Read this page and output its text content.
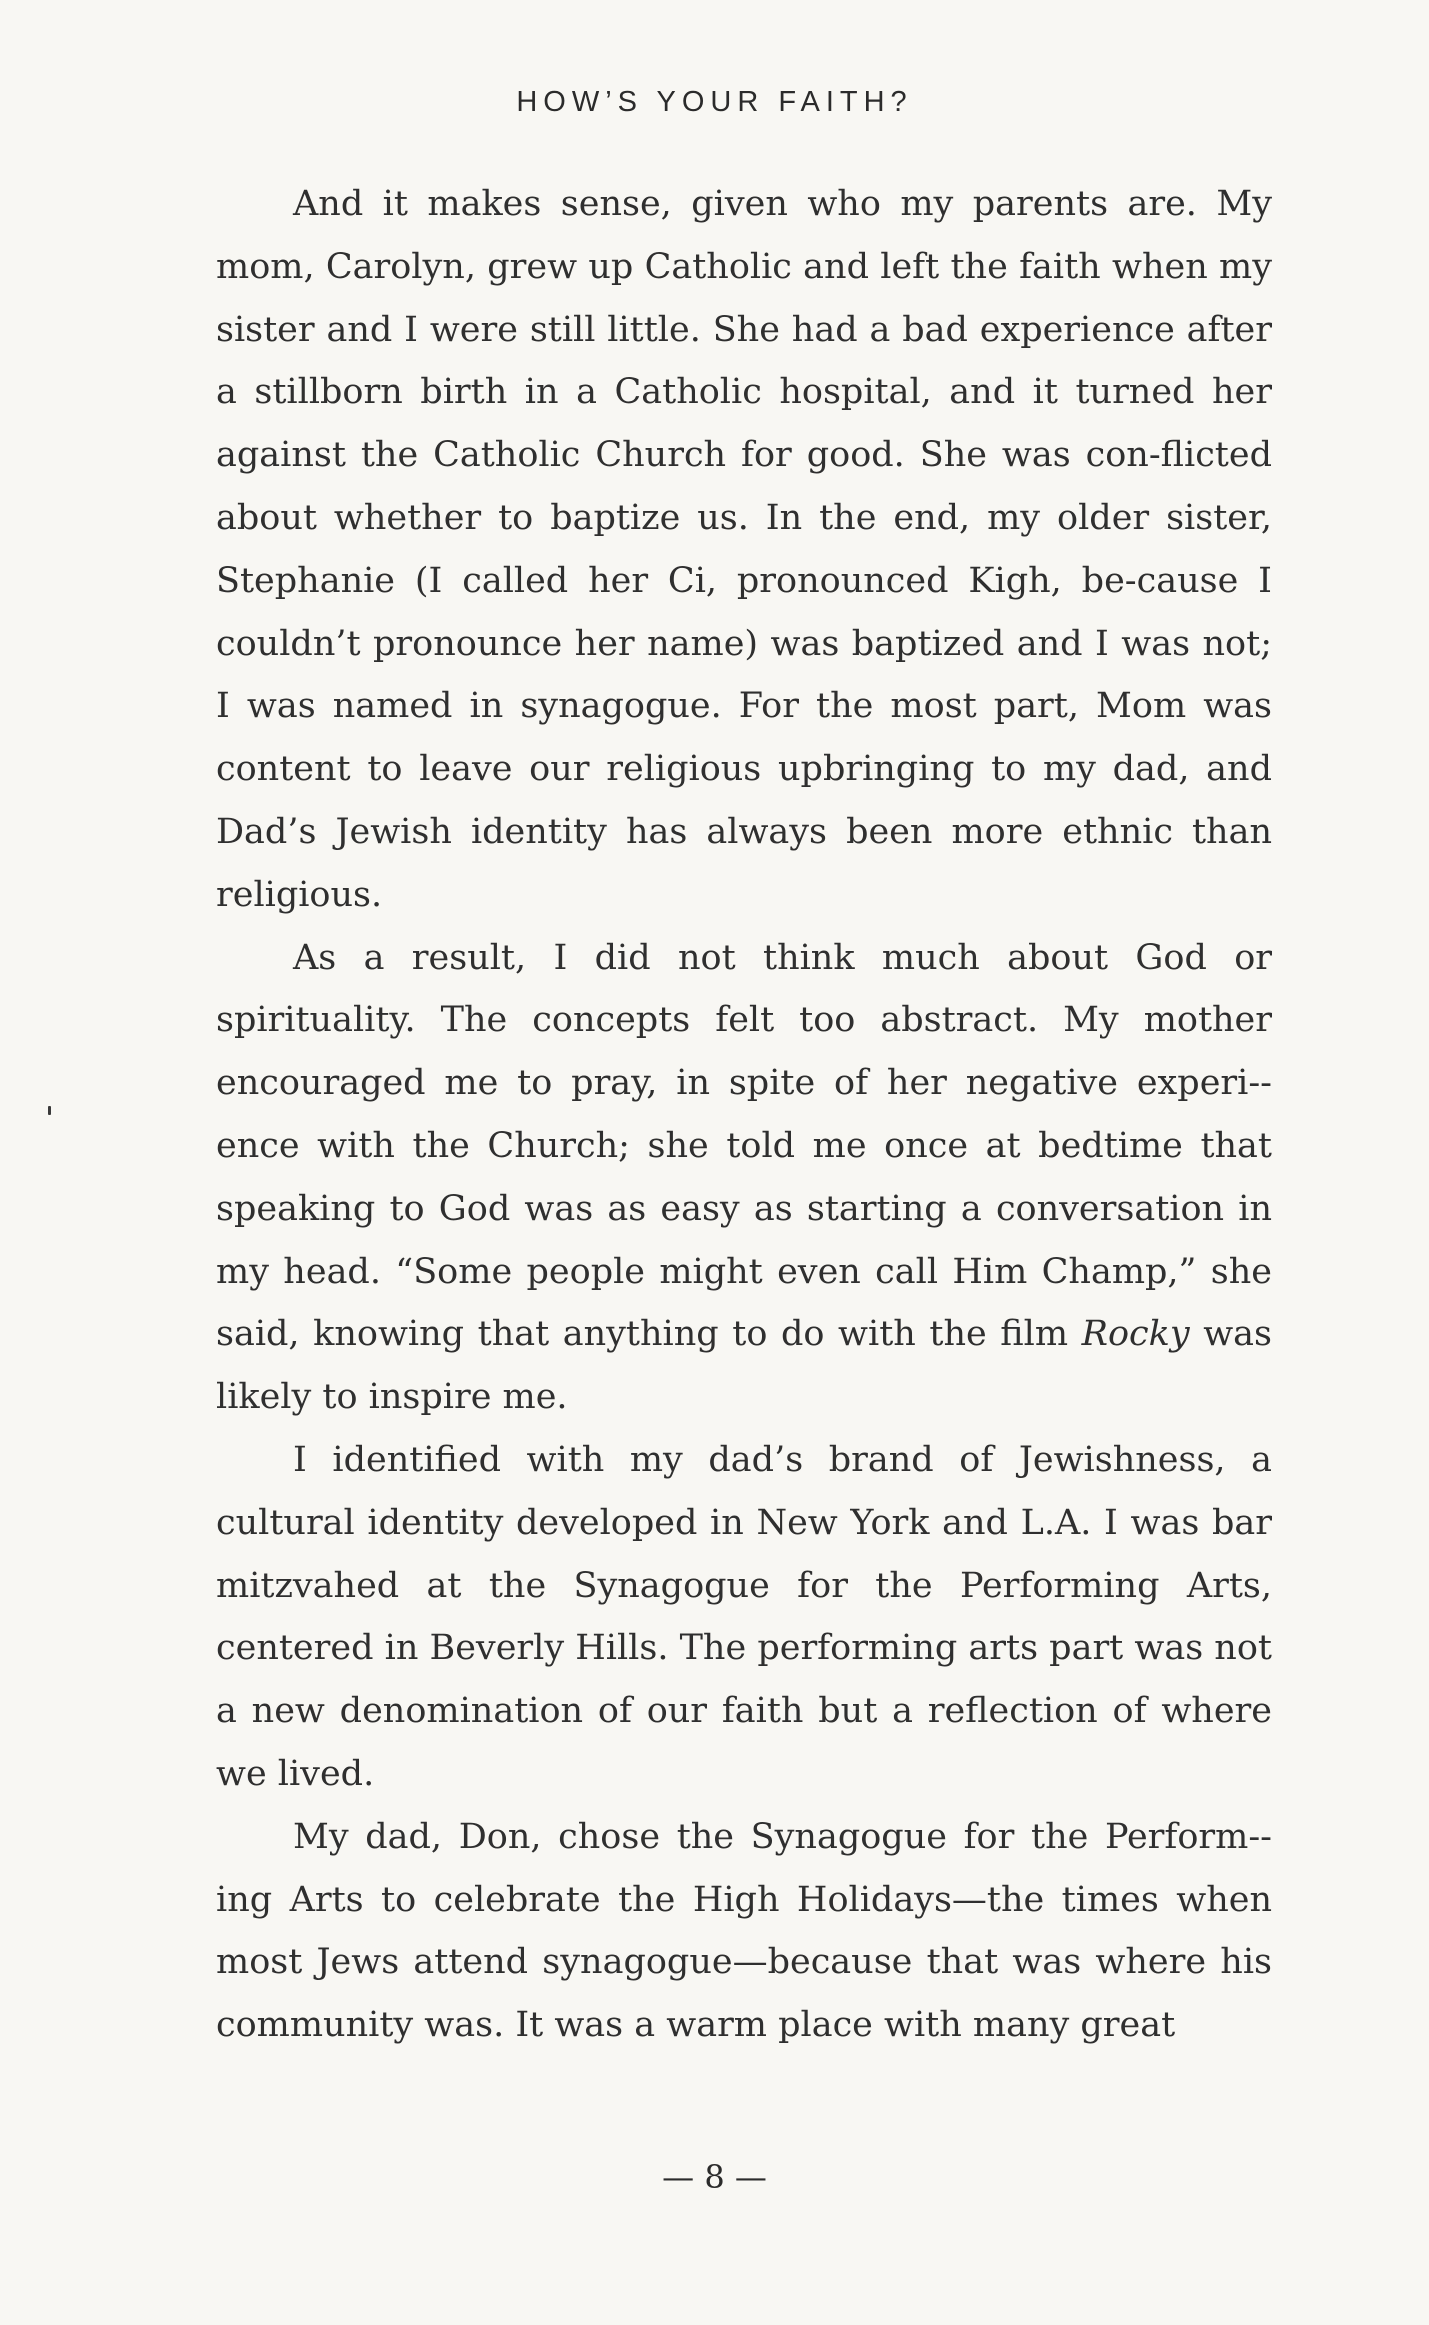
HOW’S YOUR FAITH?

And it makes sense, given who my parents are. My mom, Carolyn, grew up Catholic and left the faith when my sister and I were still little. She had a bad experience after a stillborn birth in a Catholic hospital, and it turned her against the Catholic Church for good. She was con-flicted about whether to baptize us. In the end, my older sister, Stephanie (I called her Ci, pronounced Kigh, be-cause I couldn’t pronounce her name) was baptized and I was not; I was named in synagogue. For the most part, Mom was content to leave our religious upbringing to my dad, and Dad’s Jewish identity has always been more ethnic than religious.

As a result, I did not think much about God or spirituality. The concepts felt too abstract. My mother encouraged me to pray, in spite of her negative experi-ence with the Church; she told me once at bedtime that speaking to God was as easy as starting a conversation in my head. “Some people might even call Him Champ,” she said, knowing that anything to do with the film Rocky was likely to inspire me.

I identified with my dad’s brand of Jewishness, a cultural identity developed in New York and L.A. I was bar mitzvahed at the Synagogue for the Performing Arts, centered in Beverly Hills. The performing arts part was not a new denomination of our faith but a reflection of where we lived.

My dad, Don, chose the Synagogue for the Perform-ing Arts to celebrate the High Holidays—the times when most Jews attend synagogue—because that was where his community was. It was a warm place with many great

— 8 —
